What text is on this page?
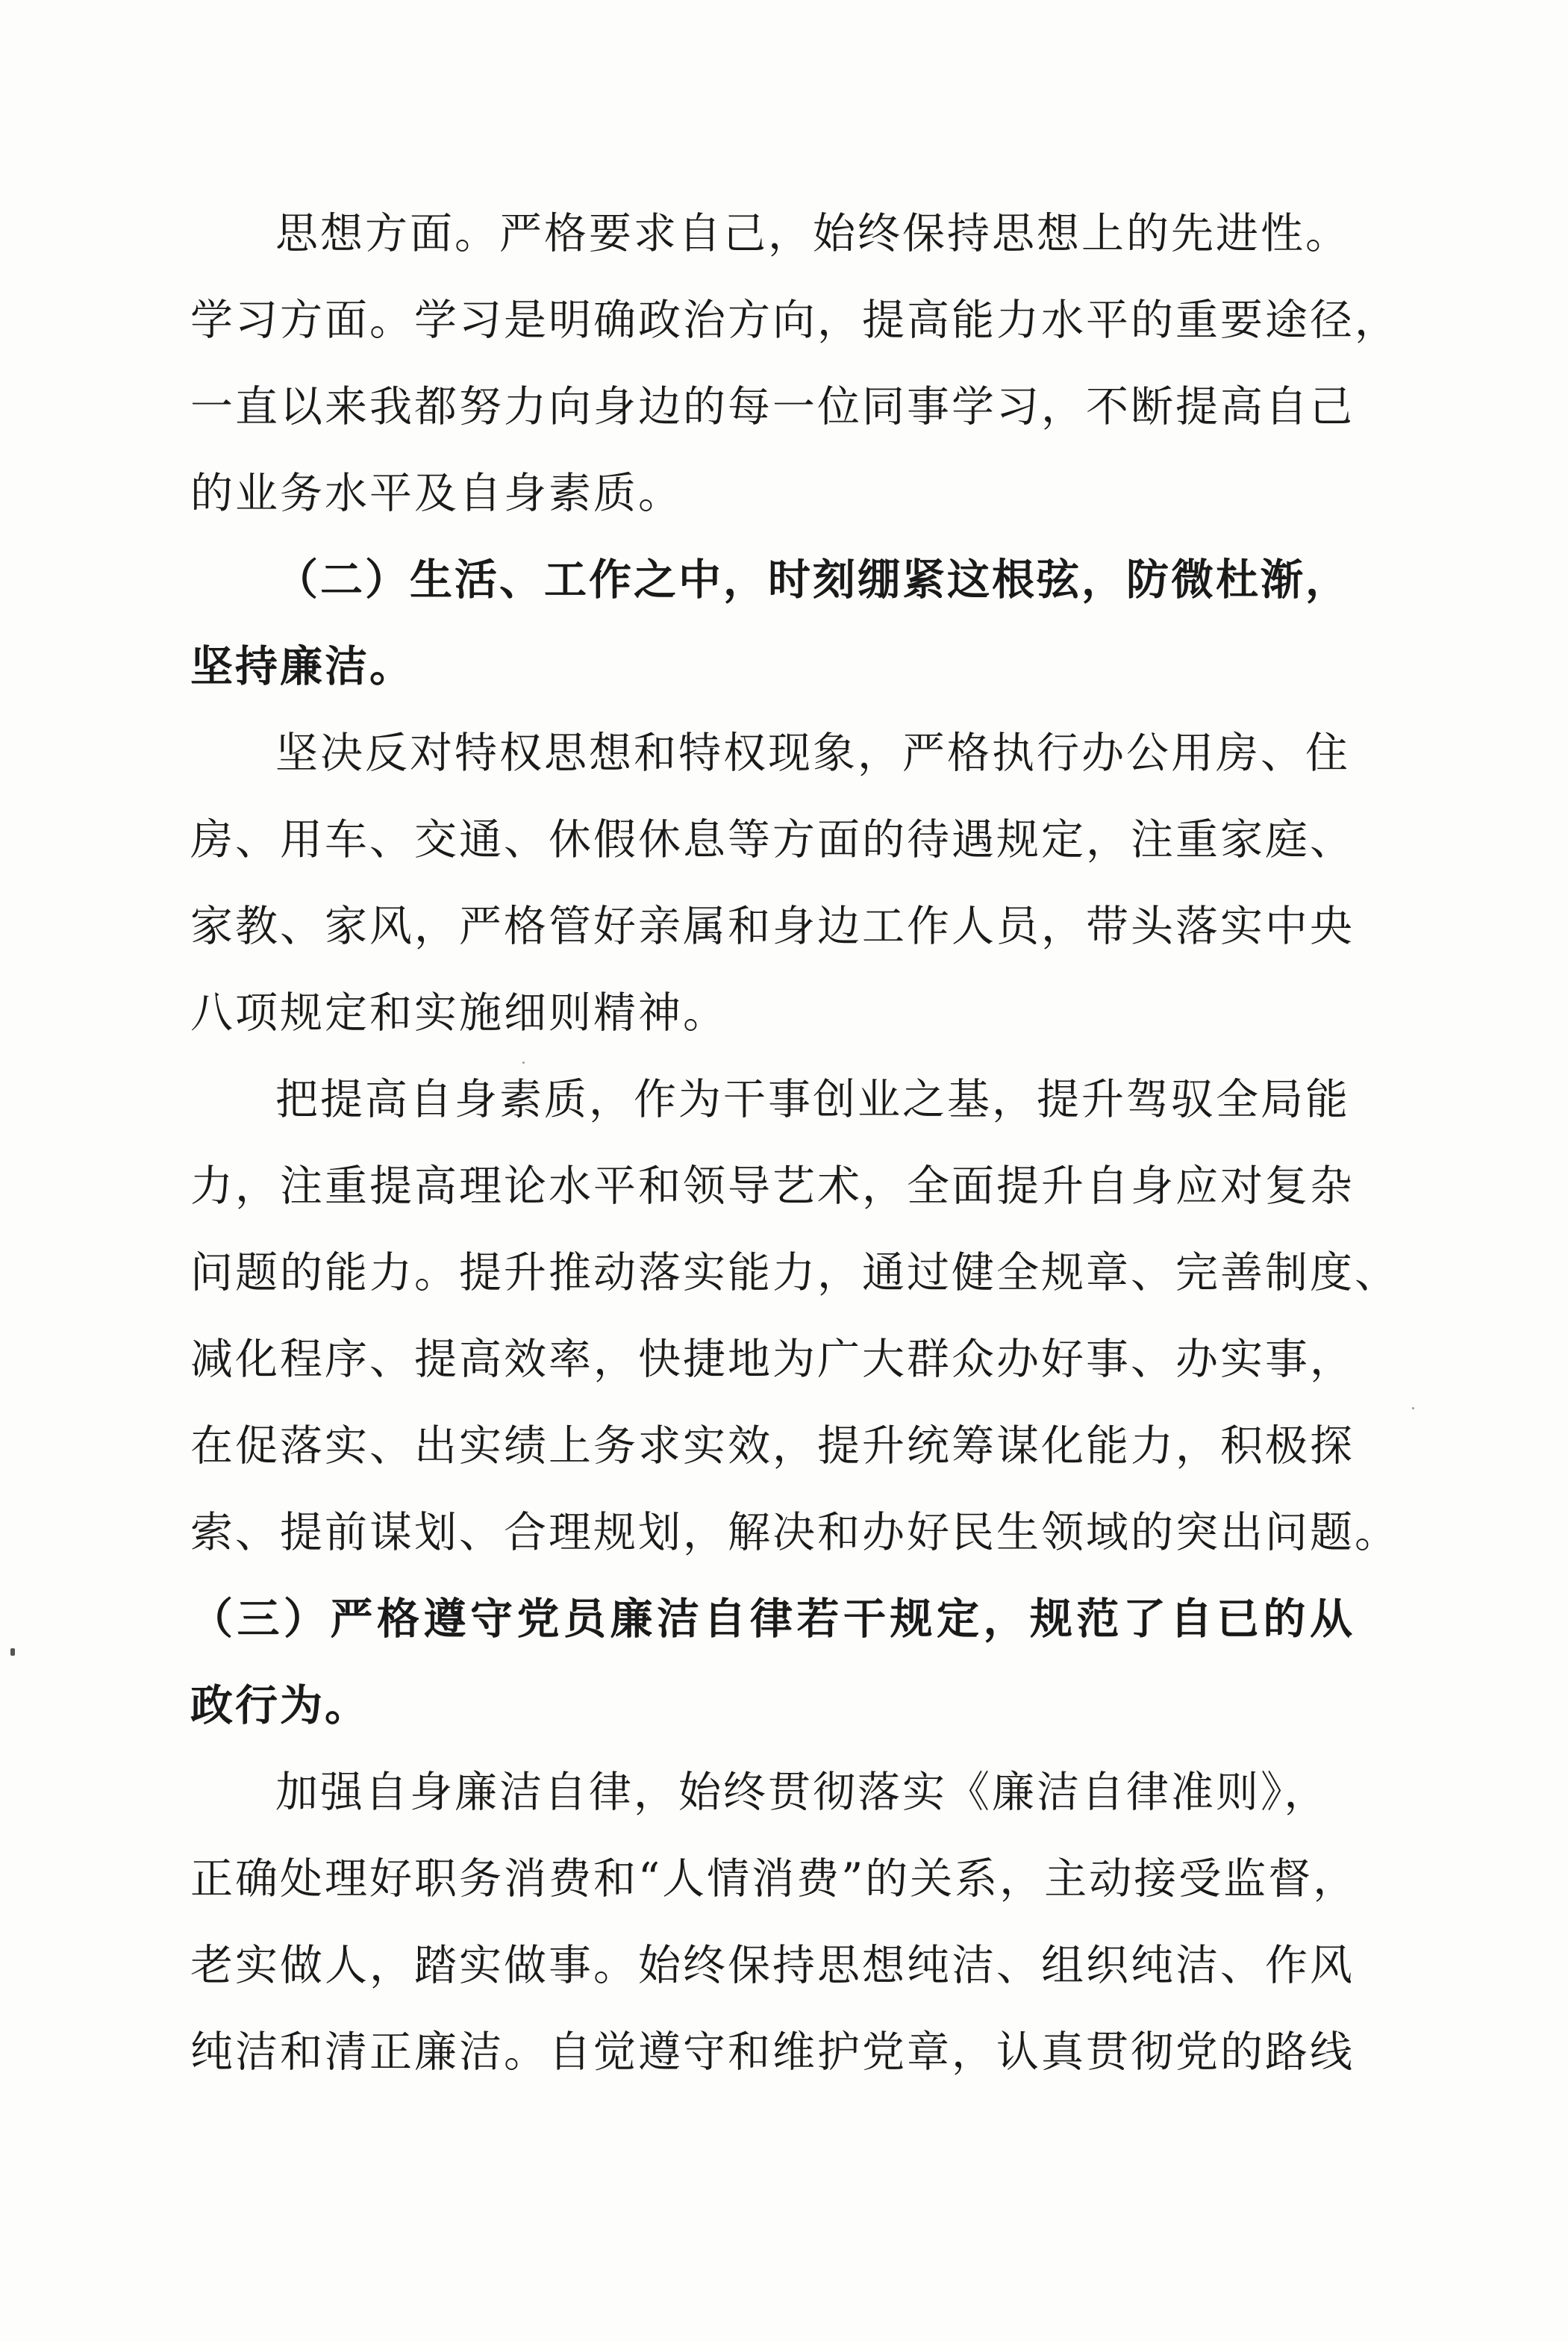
思想方面。严格要求自己，始终保持思想上的先进性。
学习方面。学习是明确政治方向，提高能力水平的重要途径，
一直以来我都努力向身边的每一位同事学习，不断提高自己
的业务水平及自身素质。
（二）生活、工作之中，时刻绷紧这根弦，防微杜渐，
坚持廉洁。
坚决反对特权思想和特权现象，严格执行办公用房、住
房、用车、交通、休假休息等方面的待遇规定，注重家庭、
家教、家风，严格管好亲属和身边工作人员，带头落实中央
八项规定和实施细则精神。
把提高自身素质，作为干事创业之基，提升驾驭全局能
力，注重提高理论水平和领导艺术，全面提升自身应对复杂
问题的能力。提升推动落实能力，通过健全规章、完善制度、
减化程序、提高效率，快捷地为广大群众办好事、办实事，
在促落实、出实绩上务求实效，提升统筹谋化能力，积极探
索、提前谋划、合理规划，解决和办好民生领域的突出问题。
（三）严格遵守党员廉洁自律若干规定，规范了自已的从
政行为。
加强自身廉洁自律，始终贯彻落实《廉洁自律准则》，
正确处理好职务消费和“人情消费”的关系，主动接受监督，
老实做人，踏实做事。始终保持思想纯洁、组织纯洁、作风
纯洁和清正廉洁。自觉遵守和维护党章，认真贯彻党的路线
